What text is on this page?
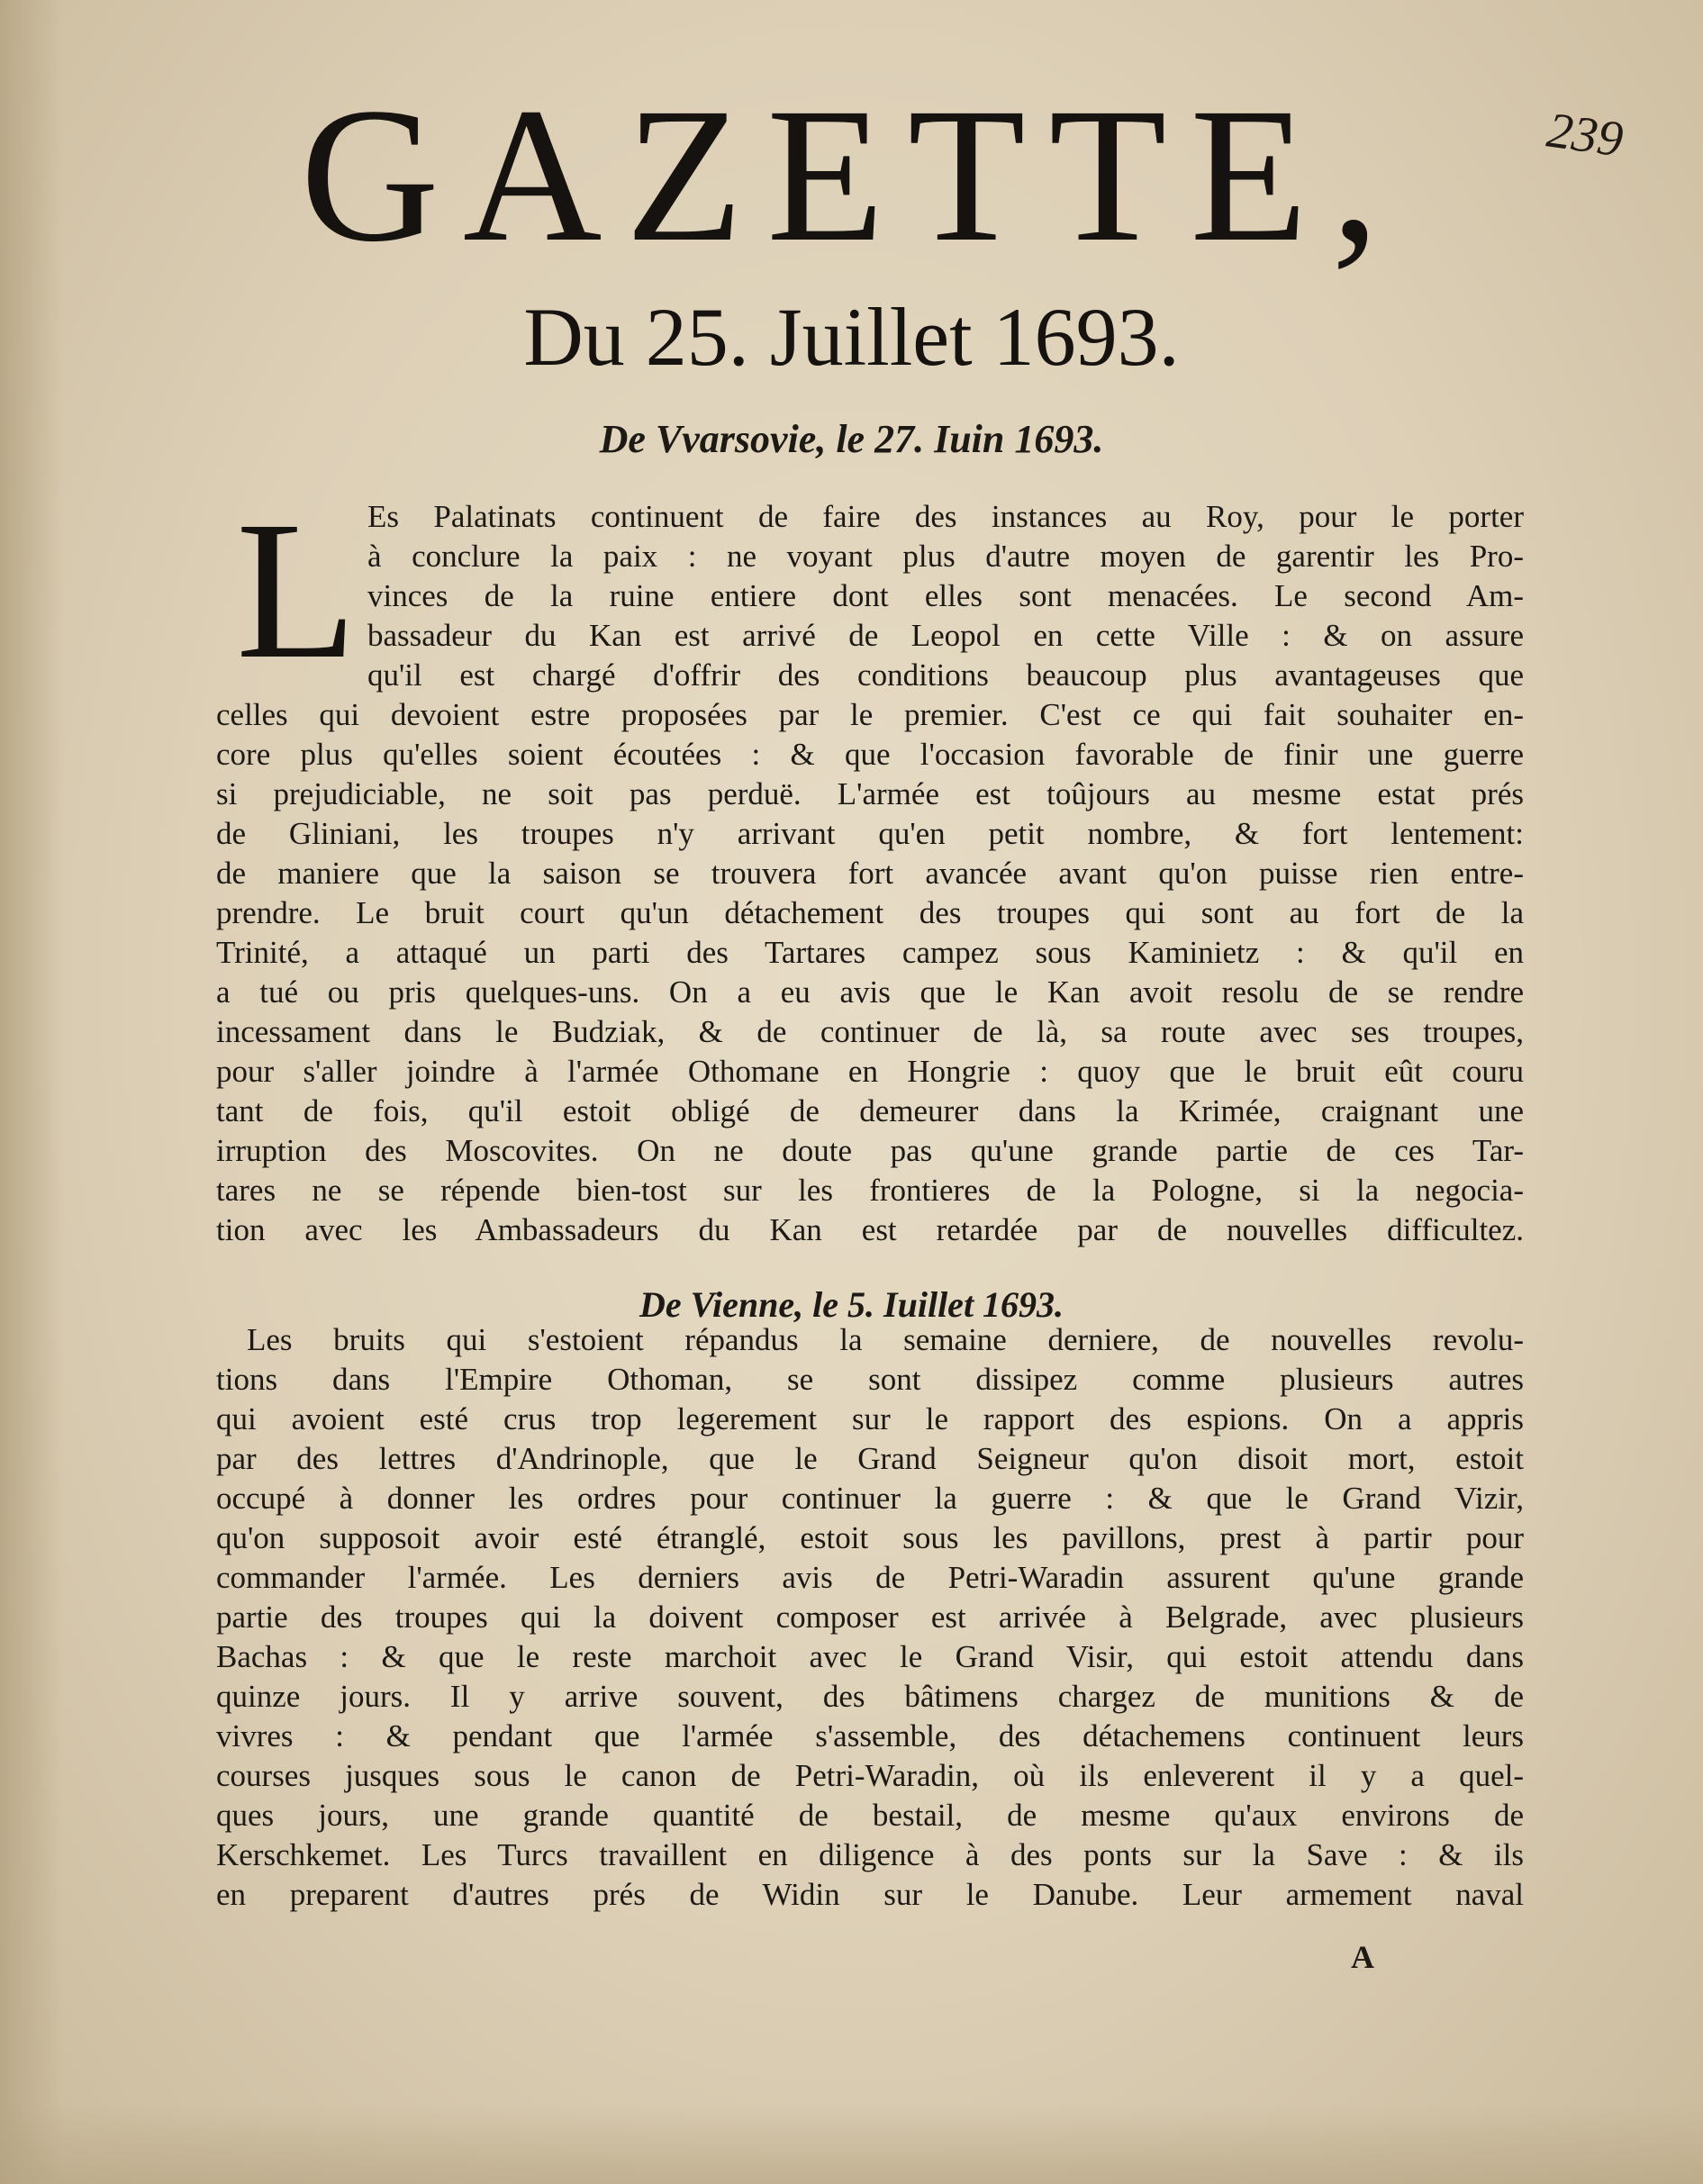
GAZETTE,	239
Du 25. Juillet 1693.
De Vvarsovie, le 27. Iuin 1693.
L Es Palatinats continuent de faire des instances au Roy, pour le porter
à conclure la paix : ne voyant plus d'autre moyen de garentir les Pro-
vinces de la ruine entiere dont elles sont menacées. Le second Am-
bassadeur du Kan est arrivé de Leopol en cette Ville : & on assure
qu'il est chargé d'offrir des conditions beaucoup plus avantageuses que
celles qui devoient estre proposées par le premier. C'est ce qui fait souhaiter en-
core plus qu'elles soient écoutées : & que l'occasion favorable de finir une guerre
si prejudiciable, ne soit pas perduë. L'armée est toûjours au mesme estat prés
de Gliniani, les troupes n'y arrivant qu'en petit nombre, & fort lentement:
de maniere que la saison se trouvera fort avancée avant qu'on puisse rien entre-
prendre. Le bruit court qu'un détachement des troupes qui sont au fort de la
Trinité, a attaqué un parti des Tartares campez sous Kaminietz : & qu'il en
a tué ou pris quelques-uns. On a eu avis que le Kan avoit resolu de se rendre
incessament dans le Budziak, & de continuer de là, sa route avec ses troupes,
pour s'aller joindre à l'armée Othomane en Hongrie : quoy que le bruit eût couru
tant de fois, qu'il estoit obligé de demeurer dans la Krimée, craignant une
irruption des Moscovites. On ne doute pas qu'une grande partie de ces Tar-
tares ne se répende bien-tost sur les frontieres de la Pologne, si la negocia-
tion avec les Ambassadeurs du Kan est retardée par de nouvelles difficultez.
De Vienne, le 5. Iuillet 1693.
Les bruits qui s'estoient répandus la semaine derniere, de nouvelles revolu-
tions dans l'Empire Othoman, se sont dissipez comme plusieurs autres
qui avoient esté crus trop legerement sur le rapport des espions. On a appris
par des lettres d'Andrinople, que le Grand Seigneur qu'on disoit mort, estoit
occupé à donner les ordres pour continuer la guerre : & que le Grand Vizir,
qu'on supposoit avoir esté étranglé, estoit sous les pavillons, prest à partir pour
commander l'armée. Les derniers avis de Petri-Waradin assurent qu'une grande
partie des troupes qui la doivent composer est arrivée à Belgrade, avec plusieurs
Bachas : & que le reste marchoit avec le Grand Visir, qui estoit attendu dans
quinze jours. Il y arrive souvent, des bâtimens chargez de munitions & de
vivres : & pendant que l'armée s'assemble, des détachemens continuent leurs
courses jusques sous le canon de Petri-Waradin, où ils enleverent il y a quel-
ques jours, une grande quantité de bestail, de mesme qu'aux environs de
Kerschkemet. Les Turcs travaillent en diligence à des ponts sur la Save : & ils
en preparent d'autres prés de Widin sur le Danube. Leur armement naval
A
